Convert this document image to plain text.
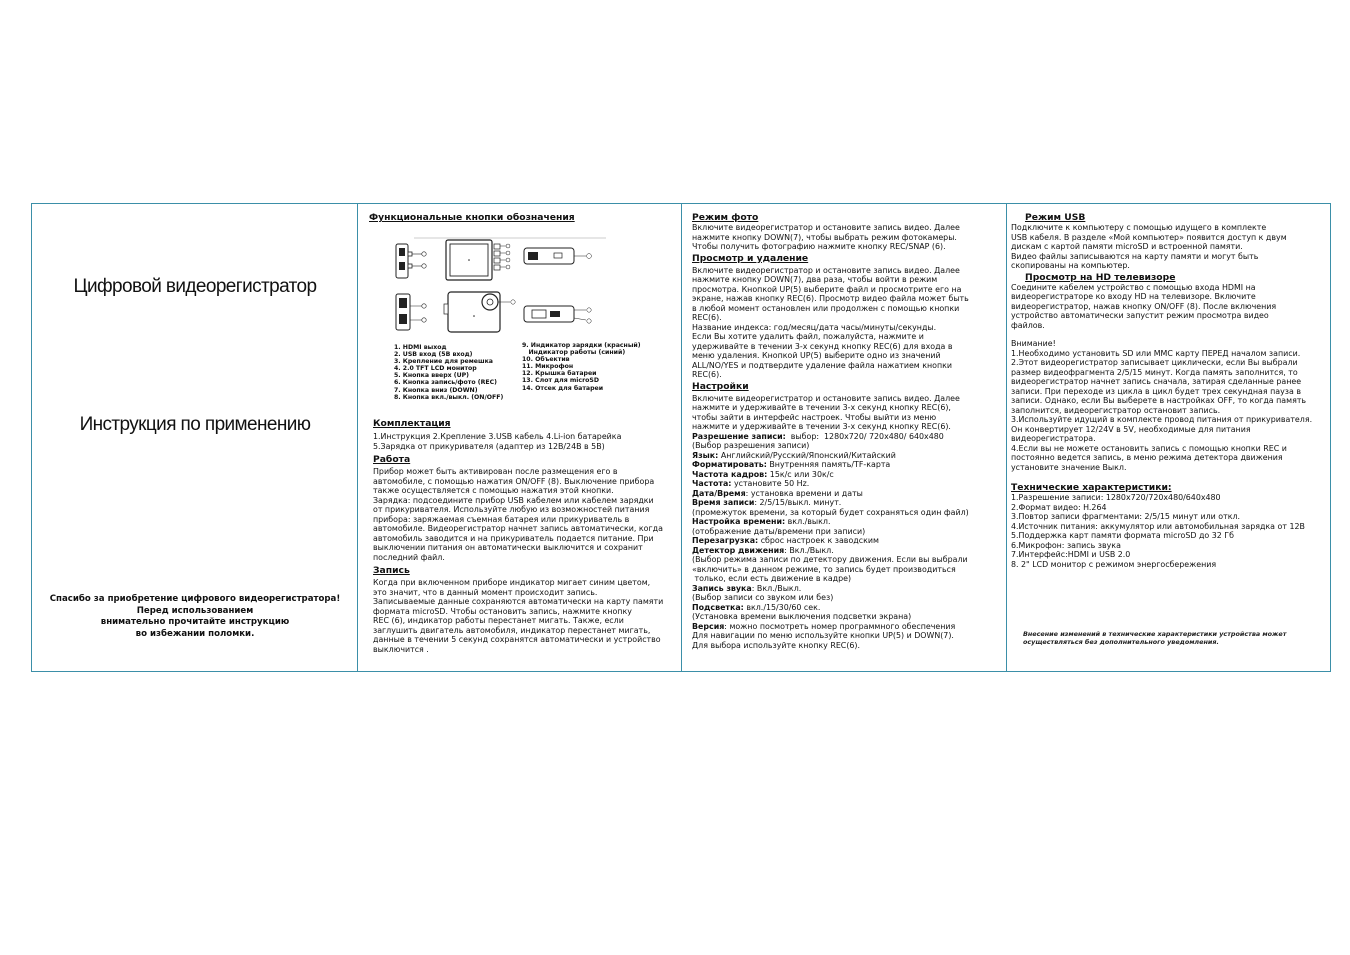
Цифровой видеорегистратор
Инструкция по применению
Спасибо за приобретение цифрового видеорегистратора!
Перед использованием
внимательно прочитайте инструкцию
во избежании поломки.
Функциональные кнопки обозначения
1. HDMI выход
2. USB вход (5В вход)
3. Крепление для ремешка
4. 2.0 TFT LCD монитор
5. Кнопка вверх (UP)
6. Кнопка запись/фото (REC)
7. Кнопка вниз (DOWN)
8. Кнопка вкл./выкл. (ON/OFF)
9. Индикатор зарядки (красный)
Индикатор работы (синий)
10. Объектив
11. Микрофон
12. Крышка батареи
13. Слот для microSD
14. Отсек для батареи
Комплектация
1.Инструкция 2.Крепление 3.USB кабель 4.Li-ion батарейка
5.Зарядка от прикуривателя (адаптер из 12В/24В в 5В)
Работа
Прибор может быть активирован после размещения его в
автомобиле, с помощью нажатия ON/OFF (8). Выключение прибора
также осуществляется с помощью нажатия этой кнопки.
Зарядка: подсоедините прибор USB кабелем или кабелем зарядки
от прикуривателя. Используйте любую из возможностей питания
прибора: заряжаемая съемная батарея или прикуриватель в
автомобиле. Видеорегистратор начнет запись автоматически, когда
автомобиль заводится и на прикуриватель подается питание. При
выключении питания он автоматически выключится и сохранит
последний файл.
Запись
Когда при включенном приборе индикатор мигает синим цветом,
это значит, что в данный момент происходит запись.
Записываемые данные сохраняются автоматически на карту памяти
формата microSD. Чтобы остановить запись, нажмите кнопку
REC (6), индикатор работы перестанет мигать. Также, если
заглушить двигатель автомобиля, индикатор перестанет мигать,
данные в течении 5 секунд сохранятся автоматически и устройство
выключится .
Режим фото
Включите видеорегистратор и остановите запись видео. Далее
нажмите кнопку DOWN(7), чтобы выбрать режим фотокамеры.
Чтобы получить фотографию нажмите кнопку REC/SNAP (6).
Просмотр и удаление
Включите видеорегистратор и остановите запись видео. Далее
нажмите кнопку DOWN(7), два раза, чтобы войти в режим
просмотра. Кнопкой UP(5) выберите файл и просмотрите его на
экране, нажав кнопку REC(6). Просмотр видео файла может быть
в любой момент остановлен или продолжен с помощью кнопки
REC(6).
Название индекса: год/месяц/дата часы/минуты/секунды.
Если Вы хотите удалить файл, пожалуйста, нажмите и
удерживайте в течении 3-х секунд кнопку REC(6) для входа в
меню удаления. Кнопкой UP(5) выберите одно из значений
ALL/NO/YES и подтвердите удаление файла нажатием кнопки
REC(6).
Настройки
Включите видеорегистратор и остановите запись видео. Далее
нажмите и удерживайте в течении 3-х секунд кнопку REC(6),
чтобы зайти в интерфейс настроек. Чтобы выйти из меню
нажмите и удерживайте в течении 3-х секунд кнопку REC(6).
Разрешение записи:  выбор:  1280x720/ 720x480/ 640x480
(Выбор разрешения записи)
Язык: Английский/Русский/Японский/Китайский
Форматировать: Внутренняя память/TF-карта
Частота кадров: 15к/с или 30к/с
Частота: установите 50 Hz.
Дата/Время: установка времени и даты
Время записи: 2/5/15/выкл. минут.
(промежуток времени, за который будет сохраняться один файл)
Настройка времени: вкл./выкл.
(отображение даты/времени при записи)
Перезагрузка: сброс настроек к заводским
Детектор движения: Вкл./Выкл.
(Выбор режима записи по детектору движения. Если вы выбрали
«включить» в данном режиме, то запись будет производиться
только, если есть движение в кадре)
Запись звука: Вкл./Выкл.
(Выбор записи со звуком или без)
Подсветка: вкл./15/30/60 сек.
(Установка времени выключения подсветки экрана)
Версия: можно посмотреть номер программного обеспечения
Для навигации по меню используйте кнопки UP(5) и DOWN(7).
Для выбора используйте кнопку REC(6).
Режим USB
Подключите к компьютеру с помощью идущего в комплекте
USB кабеля. В разделе «Мой компьютер» появится доступ к двум
дискам с картой памяти microSD и встроенной памяти.
Видео файлы записываются на карту памяти и могут быть
скопированы на компьютер.
Просмотр на HD телевизоре
Соедините кабелем устройство с помощью входа HDMI на
видеорегистраторе ко входу HD на телевизоре. Включите
видеорегистратор, нажав кнопку ON/OFF (8). После включения
устройство автоматически запустит режим просмотра видео
файлов.
Внимание!
1.Необходимо установить SD или MMC карту ПЕРЕД началом записи.
2.Этот видеорегистратор записывает циклически, если Вы выбрали
размер видеофрагмента 2/5/15 минут. Когда память заполнится, то
видеорегистратор начнет запись сначала, затирая сделанные ранее
записи. При переходе из цикла в цикл будет трех секундная пауза в
записи. Однако, если Вы выберете в настройках OFF, то когда память
заполнится, видеорегистратор остановит запись.
3.Используйте идущий в комплекте провод питания от прикуривателя.
Он конвертирует 12/24V в 5V, необходимые для питания
видеорегистратора.
4.Если вы не можете остановить запись с помощью кнопки REC и
постоянно ведется запись, в меню режима детектора движения
установите значение Выкл.
Технические характеристики:
1.Разрешение записи: 1280x720/720x480/640x480
2.Формат видео: H.264
3.Повтор записи фрагментами: 2/5/15 минут или откл.
4.Источник питания: аккумулятор или автомобильная зарядка от 12В
5.Поддержка карт памяти формата microSD до 32 Гб
6.Микрофон: запись звука
7.Интерфейс:HDMI и USB 2.0
8. 2" LCD монитор с режимом энергосбережения
Внесение изменений в технические характеристики устройства может
осуществляться без дополнительного уведомления.
